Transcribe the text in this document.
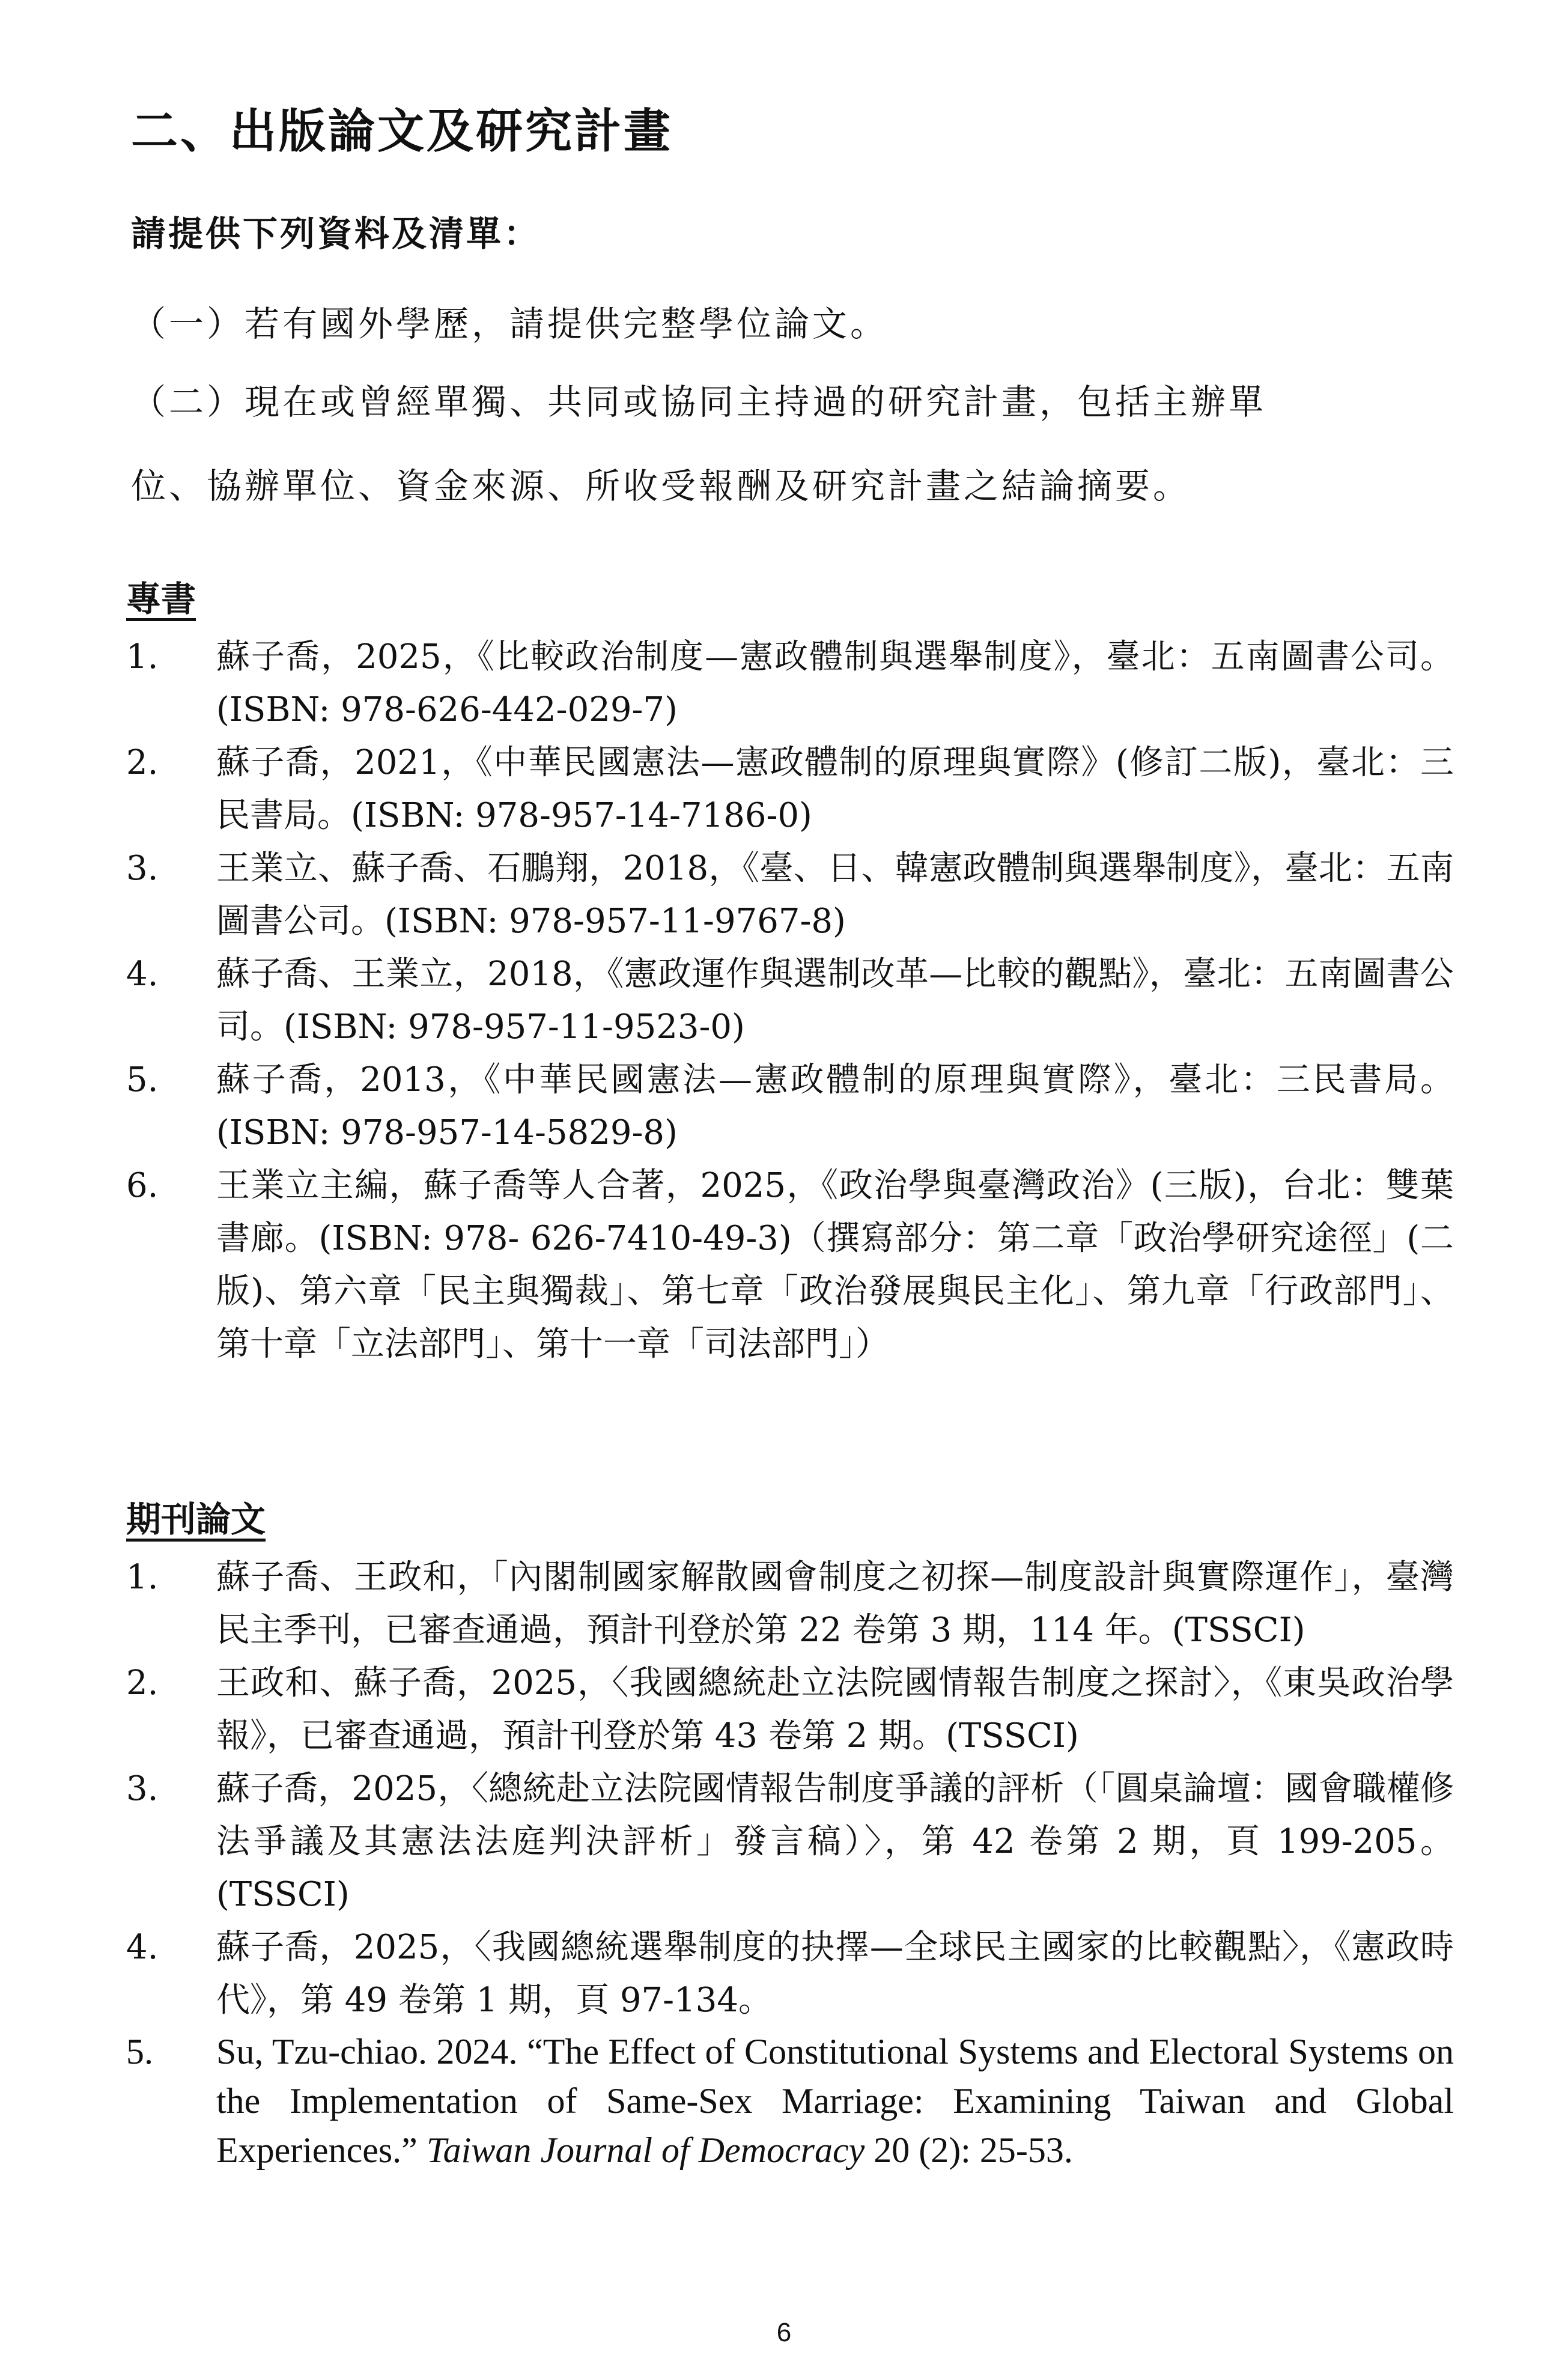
二、出版論文及研究計畫
請提供下列資料及清單：

（一）若有國外學歷，請提供完整學位論文。

（二）現在或曾經單獨、共同或協同主持過的研究計畫，包括主辦單

位、協辦單位、資金來源、所收受報酬及研究計畫之結論摘要。

專書
1. 蘇子喬，2025，《比較政治制度—憲政體制與選舉制度》，臺北：五南圖書公司。(ISBN: 978-626-442-029-7)
2. 蘇子喬，2021，《中華民國憲法—憲政體制的原理與實際》(修訂二版)，臺北：三民書局。(ISBN: 978-957-14-7186-0)
3. 王業立、蘇子喬、石鵬翔，2018，《臺、日、韓憲政體制與選舉制度》，臺北：五南圖書公司。(ISBN: 978-957-11-9767-8)
4. 蘇子喬、王業立，2018，《憲政運作與選制改革—比較的觀點》，臺北：五南圖書公司。(ISBN: 978-957-11-9523-0)
5. 蘇子喬，2013，《中華民國憲法—憲政體制的原理與實際》，臺北：三民書局。(ISBN: 978-957-14-5829-8)
6. 王業立主編，蘇子喬等人合著，2025，《政治學與臺灣政治》(三版)，台北：雙葉書廊。(ISBN: 978- 626-7410-49-3)（撰寫部分：第二章「政治學研究途徑」(二版)、第六章「民主與獨裁」、第七章「政治發展與民主化」、第九章「行政部門」、第十章「立法部門」、第十一章「司法部門」）
期刊論文
1. 蘇子喬、王政和，「內閣制國家解散國會制度之初探—制度設計與實際運作」，臺灣民主季刊，已審查通過，預計刊登於第 22 卷第 3 期，114 年。(TSSCI)
2. 王政和、蘇子喬，2025，〈我國總統赴立法院國情報告制度之探討〉，《東吳政治學報》，已審查通過，預計刊登於第 43 卷第 2 期。(TSSCI)
3. 蘇子喬，2025，〈總統赴立法院國情報告制度爭議的評析（「圓桌論壇：國會職權修法爭議及其憲法法庭判決評析」發言稿）〉，第 42 卷第 2 期，頁 199-205。(TSSCI)
4. 蘇子喬，2025，〈我國總統選舉制度的抉擇—全球民主國家的比較觀點〉，《憲政時代》，第 49 卷第 1 期，頁 97-134。
5. Su, Tzu-chiao. 2024. “The Effect of Constitutional Systems and Electoral Systems on the Implementation of Same-Sex Marriage: Examining Taiwan and Global Experiences.” Taiwan Journal of Democracy 20 (2): 25-53.
6
